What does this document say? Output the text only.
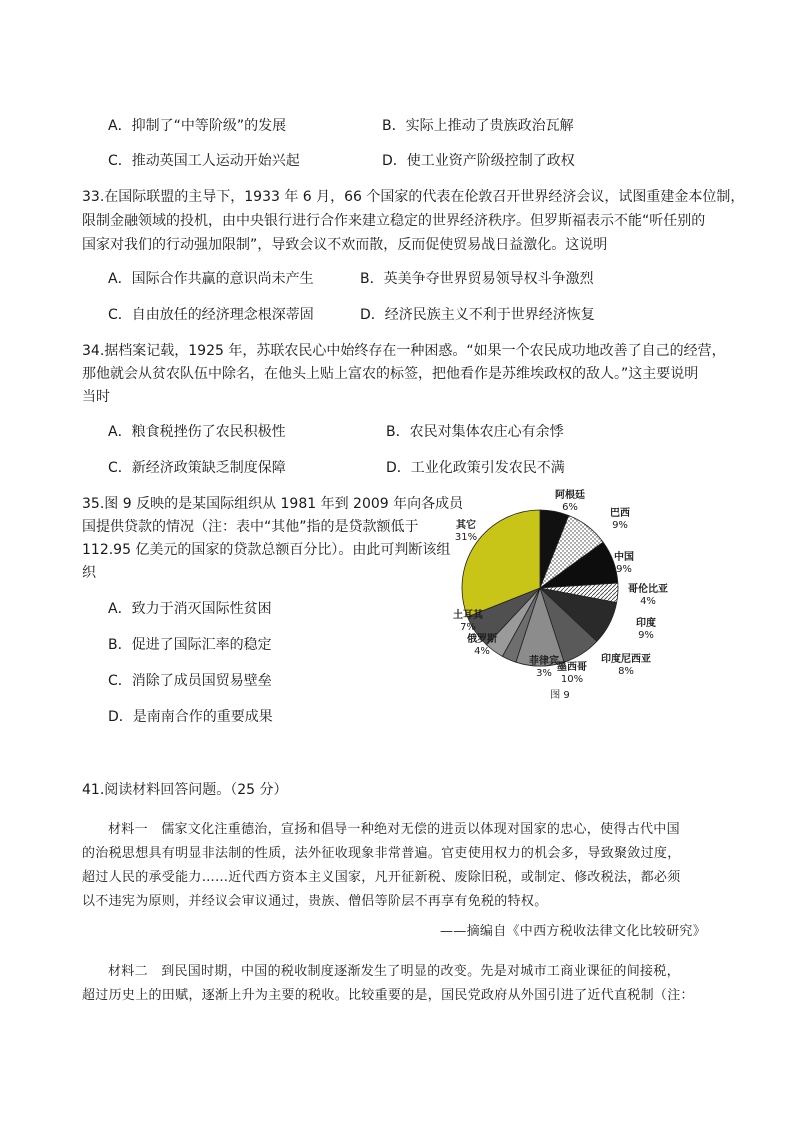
A．抑制了“中等阶级”的发展	B．实际上推动了贵族政治瓦解
C．推动英国工人运动开始兴起	D．使工业资产阶级控制了政权
33.在国际联盟的主导下，1933 年 6 月，66 个国家的代表在伦敦召开世界经济会议，试图重建金本位制，
限制金融领域的投机，由中央银行进行合作来建立稳定的世界经济秩序。但罗斯福表示不能“听任别的
国家对我们的行动强加限制”，导致会议不欢而散，反而促使贸易战日益激化。这说明
A．国际合作共赢的意识尚未产生	B．英美争夺世界贸易领导权斗争激烈
C．自由放任的经济理念根深蒂固	D．经济民族主义不利于世界经济恢复
34.据档案记载，1925 年，苏联农民心中始终存在一种困惑。“如果一个农民成功地改善了自己的经营，
那他就会从贫农队伍中除名，在他头上贴上富农的标签，把他看作是苏维埃政权的敌人。”这主要说明
当时
A．粮食税挫伤了农民积极性	B．农民对集体农庄心有余悸
C．新经济政策缺乏制度保障	D．工业化政策引发农民不满
35.图 9 反映的是某国际组织从 1981 年到 2009 年向各成员
国提供贷款的情况（注：表中“其他”指的是贷款额低于
112.95 亿美元的国家的贷款总额百分比）。由此可判断该组
织
A．致力于消灭国际性贫困
B．促进了国际汇率的稳定
C．消除了成员国贸易壁垒
D．是南南合作的重要成果
阿根廷
6%
巴西
9%
中国
9%
哥伦比亚
4%
印度
9%
印度尼西亚
8%
墨西哥
10%
菲律宾
3%
俄罗斯
4%
土耳其
7%
其它
31%
图 9
41.阅读材料回答问题。（25 分）
材料一　儒家文化注重德治，宣扬和倡导一种绝对无偿的进贡以体现对国家的忠心，使得古代中国
的治税思想具有明显非法制的性质，法外征收现象非常普遍。官吏使用权力的机会多，导致聚敛过度，
超过人民的承受能力……近代西方资本主义国家，凡开征新税、废除旧税，或制定、修改税法，都必须
以不违宪为原则，并经议会审议通过，贵族、僧侣等阶层不再享有免税的特权。
——摘编自《中西方税收法律文化比较研究》
材料二　到民国时期，中国的税收制度逐渐发生了明显的改变。先是对城市工商业课征的间接税，
超过历史上的田赋，逐渐上升为主要的税收。比较重要的是，国民党政府从外国引进了近代直税制（注：
